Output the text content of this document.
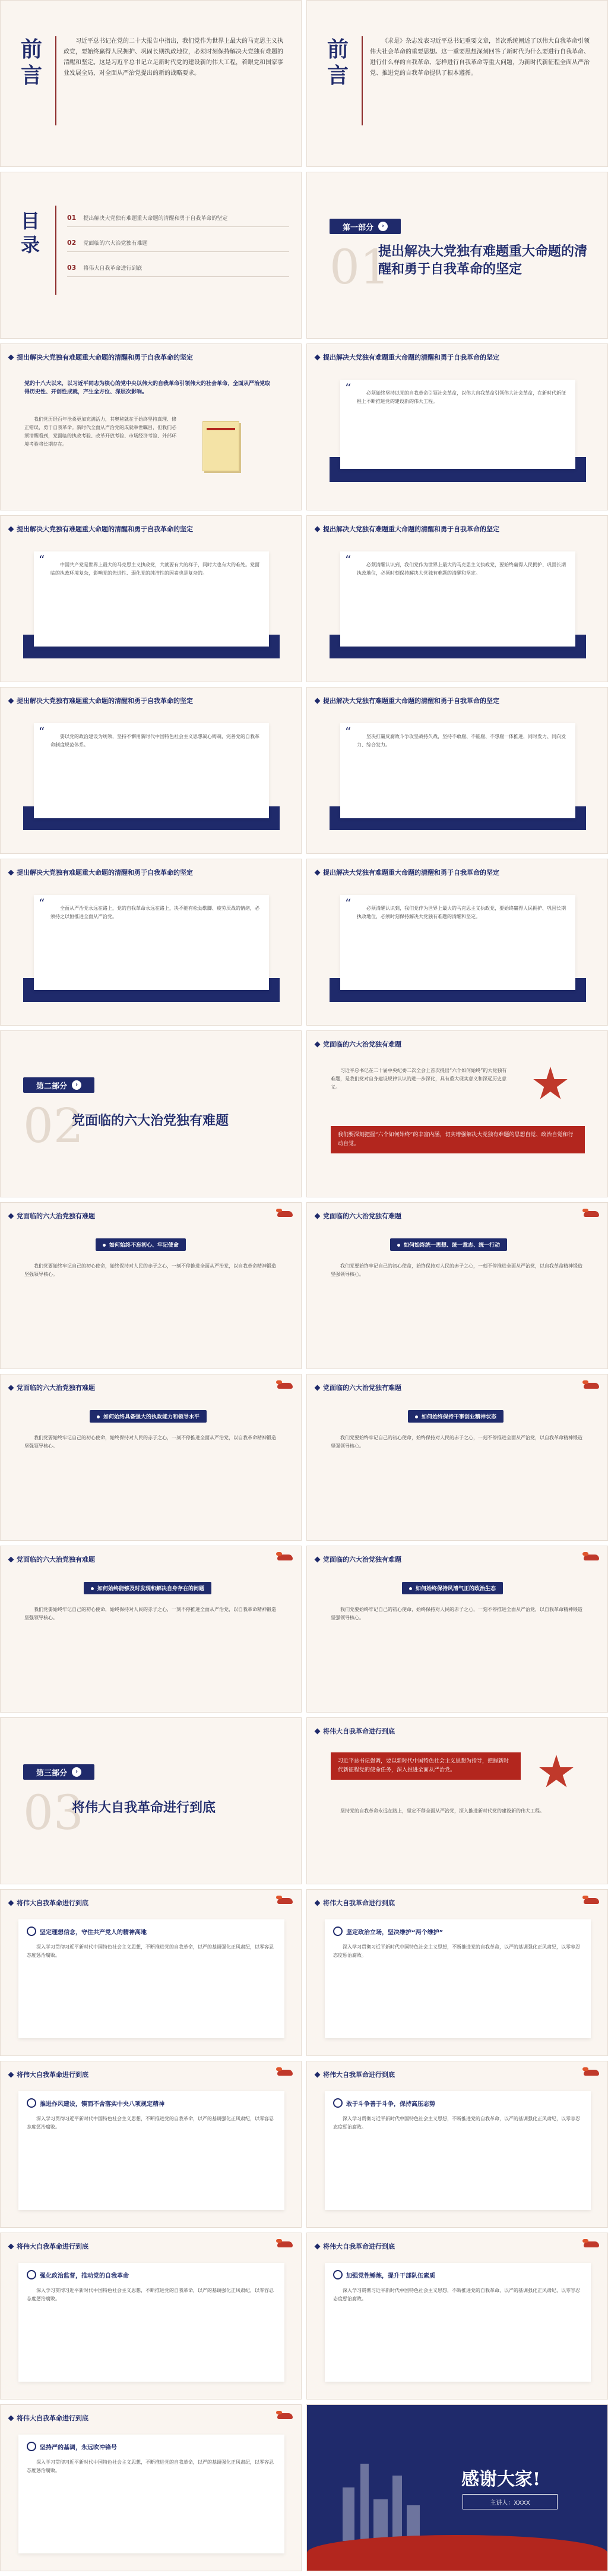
前言
习近平总书记在党的二十大报告中指出，我们党作为世界上最大的马克思主义执政党，要始终赢得人民拥护、巩固长期执政地位，必须时刻保持解决大党独有难题的清醒和坚定。这是习近平总书记立足新时代党的建设新的伟大工程，着眼党和国家事业发展全局，对全面从严治党提出的新的战略要求。
前言
《求是》杂志发表习近平总书记重要文章，首次系统阐述了以伟大自我革命引领伟大社会革命的重要思想。这一重要思想深刻回答了新时代为什么要进行自我革命、进行什么样的自我革命、怎样进行自我革命等重大问题，为新时代新征程全面从严治党、推进党的自我革命提供了根本遵循。
目录
01 提出解决大党独有难题重大命题的清醒和勇于自我革命的坚定
02 党面临的六大治党独有难题
03 将伟大自我革命进行到底
第一部分	›
01
提出解决大党独有难题重大命题的清醒和勇于自我革命的坚定
提出解决大党独有难题重大命题的清醒和勇于自我革命的坚定
党的十八大以来，以习近平同志为核心的党中央以伟大的自我革命引领伟大的社会革命，全面从严治党取得历史性、开创性成就，产生全方位、深层次影响。
我们党历经百年沧桑更加充满活力，其奥秘就在于始终坚持真理、修正错误，勇于自我革命。新时代全面从严治党的成就举世瞩目，但我们必须清醒看到，党面临的执政考验、改革开放考验、市场经济考验、外部环境考验将长期存在。
提出解决大党独有难题重大命题的清醒和勇于自我革命的坚定
“	必须始终坚持以党的自我革命引领社会革命，以伟大自我革命引领伟大社会革命，在新时代新征程上不断推进党的建设新的伟大工程。
提出解决大党独有难题重大命题的清醒和勇于自我革命的坚定
“	中国共产党是世界上最大的马克思主义执政党，大就要有大的样子，同时大也有大的难处。党面临的执政环境复杂，影响党的先进性、弱化党的纯洁性的因素也是复杂的。
提出解决大党独有难题重大命题的清醒和勇于自我革命的坚定
“	必须清醒认识到，我们党作为世界上最大的马克思主义执政党，要始终赢得人民拥护、巩固长期执政地位，必须时刻保持解决大党独有难题的清醒和坚定。
提出解决大党独有难题重大命题的清醒和勇于自我革命的坚定
“	要以党的政治建设为统领，坚持不懈用新时代中国特色社会主义思想凝心铸魂，完善党的自我革命制度规范体系。
提出解决大党独有难题重大命题的清醒和勇于自我革命的坚定
“	坚决打赢反腐败斗争攻坚战持久战，坚持不敢腐、不能腐、不想腐一体推进，同时发力、同向发力、综合发力。
提出解决大党独有难题重大命题的清醒和勇于自我革命的坚定
“	全面从严治党永远在路上，党的自我革命永远在路上，决不能有松劲歇脚、疲劳厌战的情绪，必须持之以恒推进全面从严治党。
提出解决大党独有难题重大命题的清醒和勇于自我革命的坚定
“	必须清醒认识到，我们党作为世界上最大的马克思主义执政党，要始终赢得人民拥护、巩固长期执政地位，必须时刻保持解决大党独有难题的清醒和坚定。
第二部分	›
02
党面临的六大治党独有难题
党面临的六大治党独有难题
习近平总书记在二十届中央纪委二次全会上首次提出“六个如何始终”的大党独有难题，是我们党对自身建设规律认识的进一步深化，具有重大现实意义和深远历史意义。
我们要深刻把握“六个如何始终”的丰富内涵，切实增强解决大党独有难题的思想自觉、政治自觉和行动自觉。
党面临的六大治党独有难题
如何始终不忘初心、牢记使命
我们党要始终牢记自己的初心使命，始终保持对人民的赤子之心，一刻不停推进全面从严治党，以自我革命精神锻造坚强领导核心。
党面临的六大治党独有难题
如何始终统一思想、统一意志、统一行动
我们党要始终牢记自己的初心使命，始终保持对人民的赤子之心，一刻不停推进全面从严治党，以自我革命精神锻造坚强领导核心。
党面临的六大治党独有难题
如何始终具备强大的执政能力和领导水平
我们党要始终牢记自己的初心使命，始终保持对人民的赤子之心，一刻不停推进全面从严治党，以自我革命精神锻造坚强领导核心。
党面临的六大治党独有难题
如何始终保持干事创业精神状态
我们党要始终牢记自己的初心使命，始终保持对人民的赤子之心，一刻不停推进全面从严治党，以自我革命精神锻造坚强领导核心。
党面临的六大治党独有难题
如何始终能够及时发现和解决自身存在的问题
我们党要始终牢记自己的初心使命，始终保持对人民的赤子之心，一刻不停推进全面从严治党，以自我革命精神锻造坚强领导核心。
党面临的六大治党独有难题
如何始终保持风清气正的政治生态
我们党要始终牢记自己的初心使命，始终保持对人民的赤子之心，一刻不停推进全面从严治党，以自我革命精神锻造坚强领导核心。
第三部分	›
03
将伟大自我革命进行到底
将伟大自我革命进行到底
习近平总书记强调，要以新时代中国特色社会主义思想为指导，把握新时代新征程党的使命任务，深入推进全面从严治党。
坚持党的自我革命永远在路上，坚定不移全面从严治党，深入推进新时代党的建设新的伟大工程。
将伟大自我革命进行到底
坚定理想信念，守住共产党人的精神高地
深入学习贯彻习近平新时代中国特色社会主义思想，不断推进党的自我革命，以严的基调强化正风肃纪，以零容忍态度惩治腐败。
将伟大自我革命进行到底
坚定政治立场，坚决维护“两个维护”
深入学习贯彻习近平新时代中国特色社会主义思想，不断推进党的自我革命，以严的基调强化正风肃纪，以零容忍态度惩治腐败。
将伟大自我革命进行到底
推进作风建设，锲而不舍落实中央八项规定精神
深入学习贯彻习近平新时代中国特色社会主义思想，不断推进党的自我革命，以严的基调强化正风肃纪，以零容忍态度惩治腐败。
将伟大自我革命进行到底
敢于斗争善于斗争，保持高压态势
深入学习贯彻习近平新时代中国特色社会主义思想，不断推进党的自我革命，以严的基调强化正风肃纪，以零容忍态度惩治腐败。
将伟大自我革命进行到底
强化政治监督，推动党的自我革命
深入学习贯彻习近平新时代中国特色社会主义思想，不断推进党的自我革命，以严的基调强化正风肃纪，以零容忍态度惩治腐败。
将伟大自我革命进行到底
加强党性锤炼，提升干部队伍素质
深入学习贯彻习近平新时代中国特色社会主义思想，不断推进党的自我革命，以严的基调强化正风肃纪，以零容忍态度惩治腐败。
将伟大自我革命进行到底
坚持严的基调，永远吹冲锋号
深入学习贯彻习近平新时代中国特色社会主义思想，不断推进党的自我革命，以严的基调强化正风肃纪，以零容忍态度惩治腐败。	感谢大家!
主讲人：XXXX
